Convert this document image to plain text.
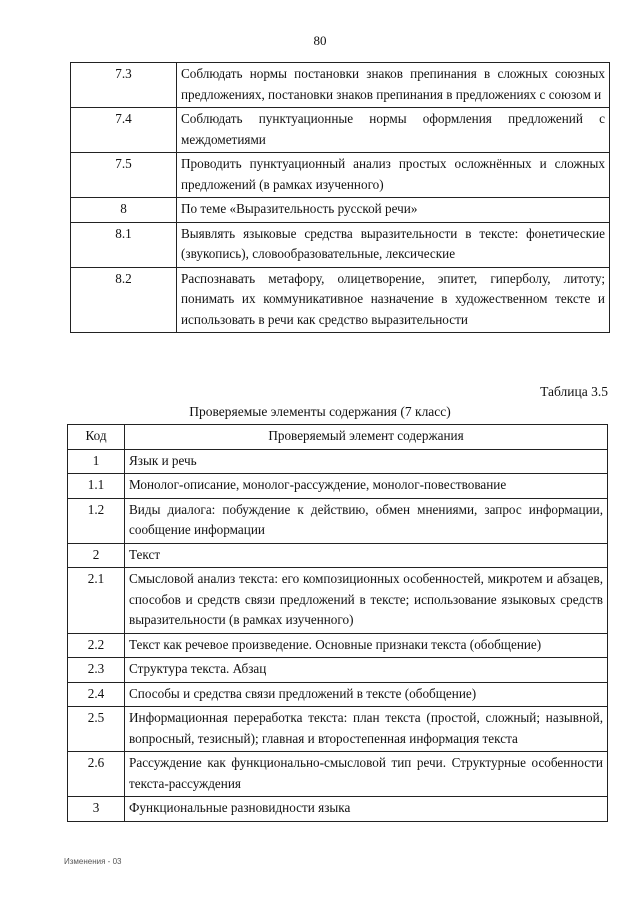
80
7.3	Соблюдать нормы постановки знаков препинания в сложных союзных предложениях, постановки знаков препинания в предложениях с союзом и
7.4	Соблюдать пунктуационные нормы оформления предложений с междометиями
7.5	Проводить пунктуационный анализ простых осложнённых и сложных предложений (в рамках изученного)
8	По теме «Выразительность русской речи»
8.1	Выявлять языковые средства выразительности в тексте: фонетические (звукопись), словообразовательные, лексические
8.2	Распознавать метафору, олицетворение, эпитет, гиперболу, литоту; понимать их коммуникативное назначение в художественном тексте и использовать в речи как средство выразительности
Таблица 3.5
Проверяемые элементы содержания (7 класс)
Код	Проверяемый элемент содержания
1	Язык и речь
1.1	Монолог-описание, монолог-рассуждение, монолог-повествование
1.2	Виды диалога: побуждение к действию, обмен мнениями, запрос информации, сообщение информации
2	Текст
2.1	Смысловой анализ текста: его композиционных особенностей, микротем и абзацев, способов и средств связи предложений в тексте; использование языковых средств выразительности (в рамках изученного)
2.2	Текст как речевое произведение. Основные признаки текста (обобщение)
2.3	Структура текста. Абзац
2.4	Способы и средства связи предложений в тексте (обобщение)
2.5	Информационная переработка текста: план текста (простой, сложный; назывной, вопросный, тезисный); главная и второстепенная информация текста
2.6	Рассуждение как функционально-смысловой тип речи. Структурные особенности текста-рассуждения
3	Функциональные разновидности языка
Изменения - 03
